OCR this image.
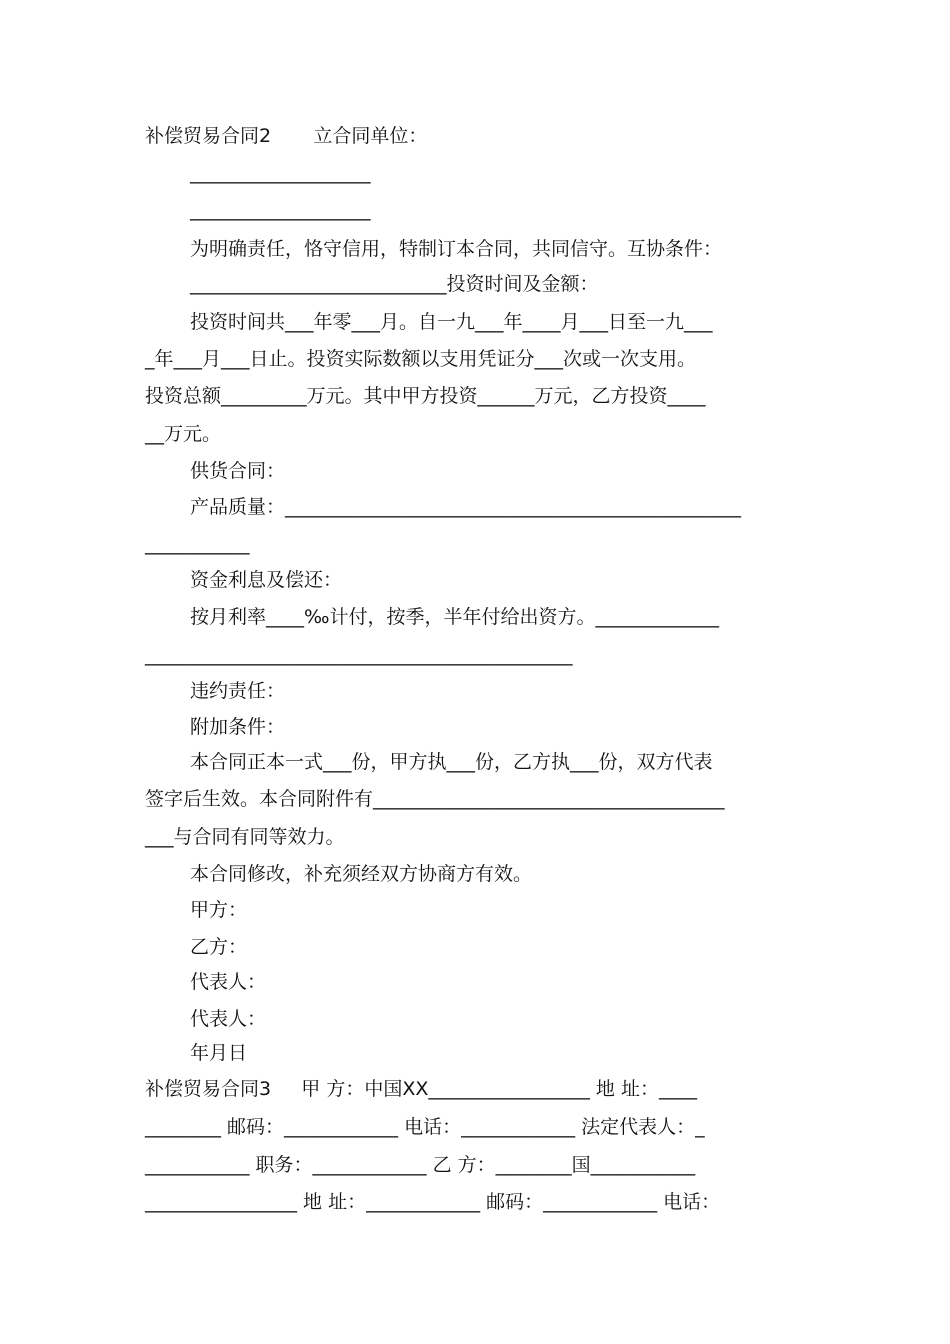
补偿贸易合同2       立合同单位：
___________________
___________________
为明确责任，恪守信用，特制订本合同，共同信守。互协条件：
___________________________投资时间及金额：
投资时间共___年零___月。自一九___年____月___日至一九___
_年___月___日止。投资实际数额以支用凭证分___次或一次支用。
投资总额_________万元。其中甲方投资______万元，乙方投资____
__万元。
供货合同：
产品质量：________________________________________________
___________
资金利息及偿还：
按月利率____‰计付，按季，半年付给出资方。_____________
_____________________________________________
违约责任：
附加条件：
本合同正本一式___份，甲方执___份，乙方执___份，双方代表
签字后生效。本合同附件有_____________________________________
___与合同有同等效力。
本合同修改，补充须经双方协商方有效。
甲方：
乙方：
代表人：
代表人：
年月日
补偿贸易合同3     甲 方：中国XX_________________ 地 址：____
________ 邮码：____________ 电话：____________ 法定代表人：_
___________ 职务：____________ 乙 方：________国___________
________________ 地 址：____________ 邮码：____________ 电话：
